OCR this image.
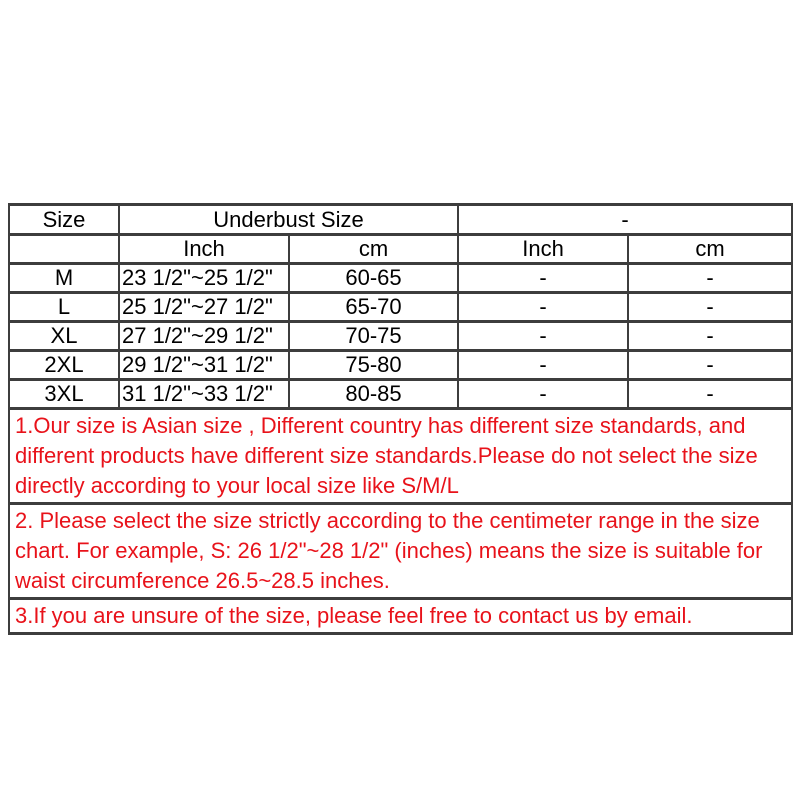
Size	Underbust Size		-	
	Inch	cm	Inch	cm
M	23 1/2"~25 1/2"	60-65	-	-
L	25 1/2"~27 1/2"	65-70	-	-
XL	27 1/2"~29 1/2"	70-75	-	-
2XL	29 1/2"~31 1/2"	75-80	-	-
3XL	31 1/2"~33 1/2"	80-85	-	-

1.Our size is Asian size , Different country has different size standards, and
different products have different size standards.Please do not select the size
directly according to your local size like S/M/L				

2. Please select the size strictly according to the centimeter range in the size
chart. For example, S: 26 1/2"~28 1/2" (inches) means the size is suitable for
waist circumference 26.5~28.5 inches.				

3.If you are unsure of the size, please feel free to contact us by email.				
